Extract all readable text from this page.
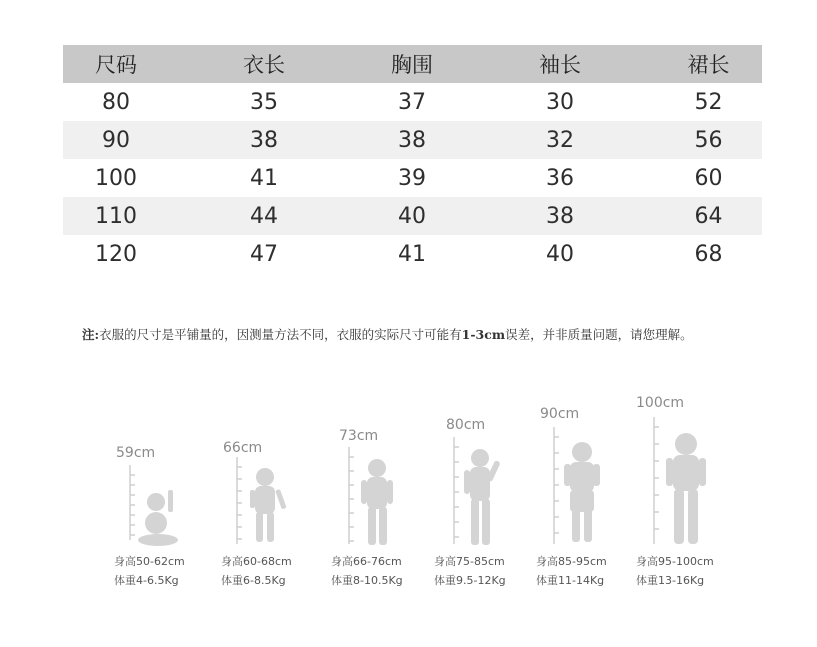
尺码	衣长	胸围	袖长	裙长
80	35	37	30	52
90	38	38	32	56
100	41	39	36	60
110	44	40	38	64
120	47	41	40	68
注:衣服的尺寸是平铺量的，因测量方法不同，衣服的实际尺寸可能有1-3cm误差，并非质量问题，请您理解。
59cm
身高50-62cm
体重4-6.5Kg
66cm
身高60-68cm
体重6-8.5Kg
73cm
身高66-76cm
体重8-10.5Kg
80cm
身高75-85cm
体重9.5-12Kg
90cm
身高85-95cm
体重11-14Kg
100cm
身高95-100cm
体重13-16Kg
